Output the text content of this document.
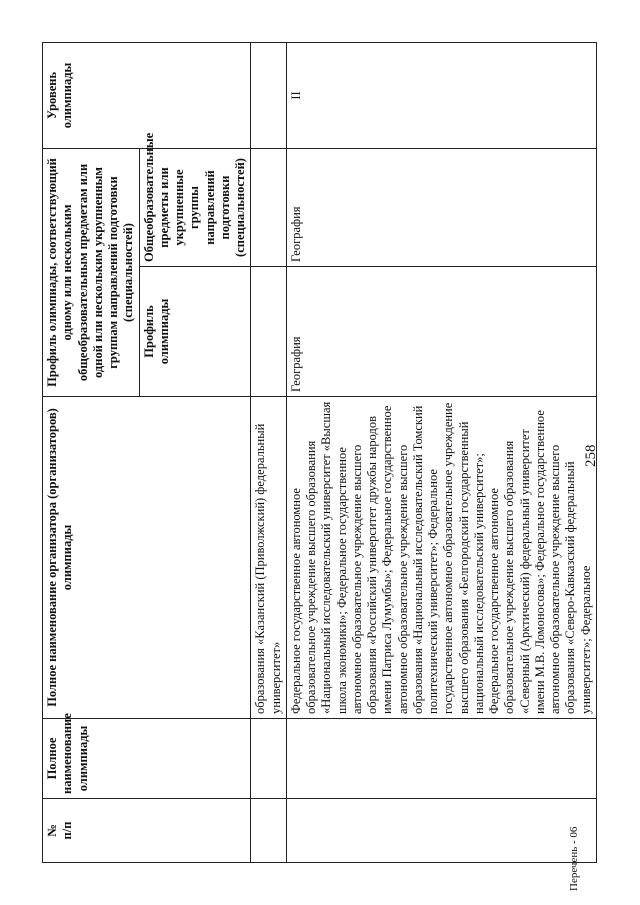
258
Перечень - 06
№
п/п	Полное наименование олимпиады	Полное наименование организатора (организаторов) олимпиады	Профиль олимпиады, соответствующий одному или нескольким общеобразовательным предметам или одной или нескольким укрупненным группам направлений подготовки (специальностей)		Уровень олимпиады
			Профиль олимпиады	Общеобразовательные предметы или укрупненные группы направлений подготовки (специальностей)	
		образования «Казанский (Приволжский) федеральный университет»			
		Федеральное государственное автономное образовательное учреждение высшего образования «Национальный исследовательский университет «Высшая школа экономики»; Федеральное государственное автономное образовательное учреждение высшего образования «Российский университет дружбы народов имени Патриса Лумумбы»; Федеральное государственное автономное образовательное учреждение высшего образования «Национальный исследовательский Томский политехнический университет»; Федеральное государственное автономное образовательное учреждение высшего образования «Белгородский государственный национальный исследовательский университет»; Федеральное государственное автономное образовательное учреждение высшего образования «Северный (Арктический) федеральный университет имени М.В. Ломоносова»; Федеральное государственное автономное образовательное учреждение высшего образования «Северо-Кавказский федеральный университет»; Федеральное	География	География	II
